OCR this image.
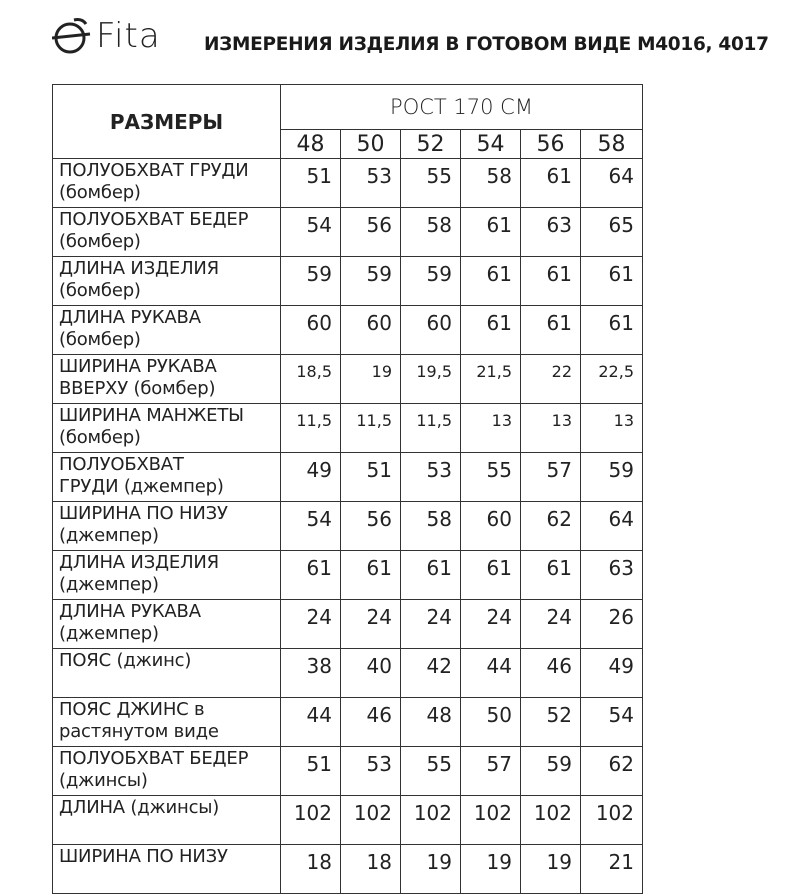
Fita ИЗМЕРЕНИЯ ИЗДЕЛИЯ В ГОТОВОМ ВИДЕ М4016, 4017
РАЗМЕРЫ	РОСТ 170 СМ					
	48	50	52	54	56	58

ПОЛУОБХВАТ ГРУДИ
(бомбер)	51	53	55	58	61	64

ПОЛУОБХВАТ БЕДЕР
(бомбер)	54	56	58	61	63	65

ДЛИНА ИЗДЕЛИЯ
(бомбер)	59	59	59	61	61	61

ДЛИНА РУКАВА
(бомбер)	60	60	60	61	61	61

ШИРИНА РУКАВА
ВВЕРХУ (бомбер)	18,5	19	19,5	21,5	22	22,5

ШИРИНА МАНЖЕТЫ
(бомбер)	11,5	11,5	11,5	13	13	13

ПОЛУОБХВАТ
ГРУДИ (джемпер)	49	51	53	55	57	59

ШИРИНА ПО НИЗУ
(джемпер)	54	56	58	60	62	64

ДЛИНА ИЗДЕЛИЯ
(джемпер)	61	61	61	61	61	63

ДЛИНА РУКАВА
(джемпер)	24	24	24	24	24	26

ПОЯС (джинс)	38	40	42	44	46	49

ПОЯС ДЖИНС в
растянутом виде	44	46	48	50	52	54

ПОЛУОБХВАТ БЕДЕР
(джинсы)	51	53	55	57	59	62

ДЛИНА (джинсы)	102	102	102	102	102	102

ШИРИНА ПО НИЗУ	18	18	19	19	19	21
